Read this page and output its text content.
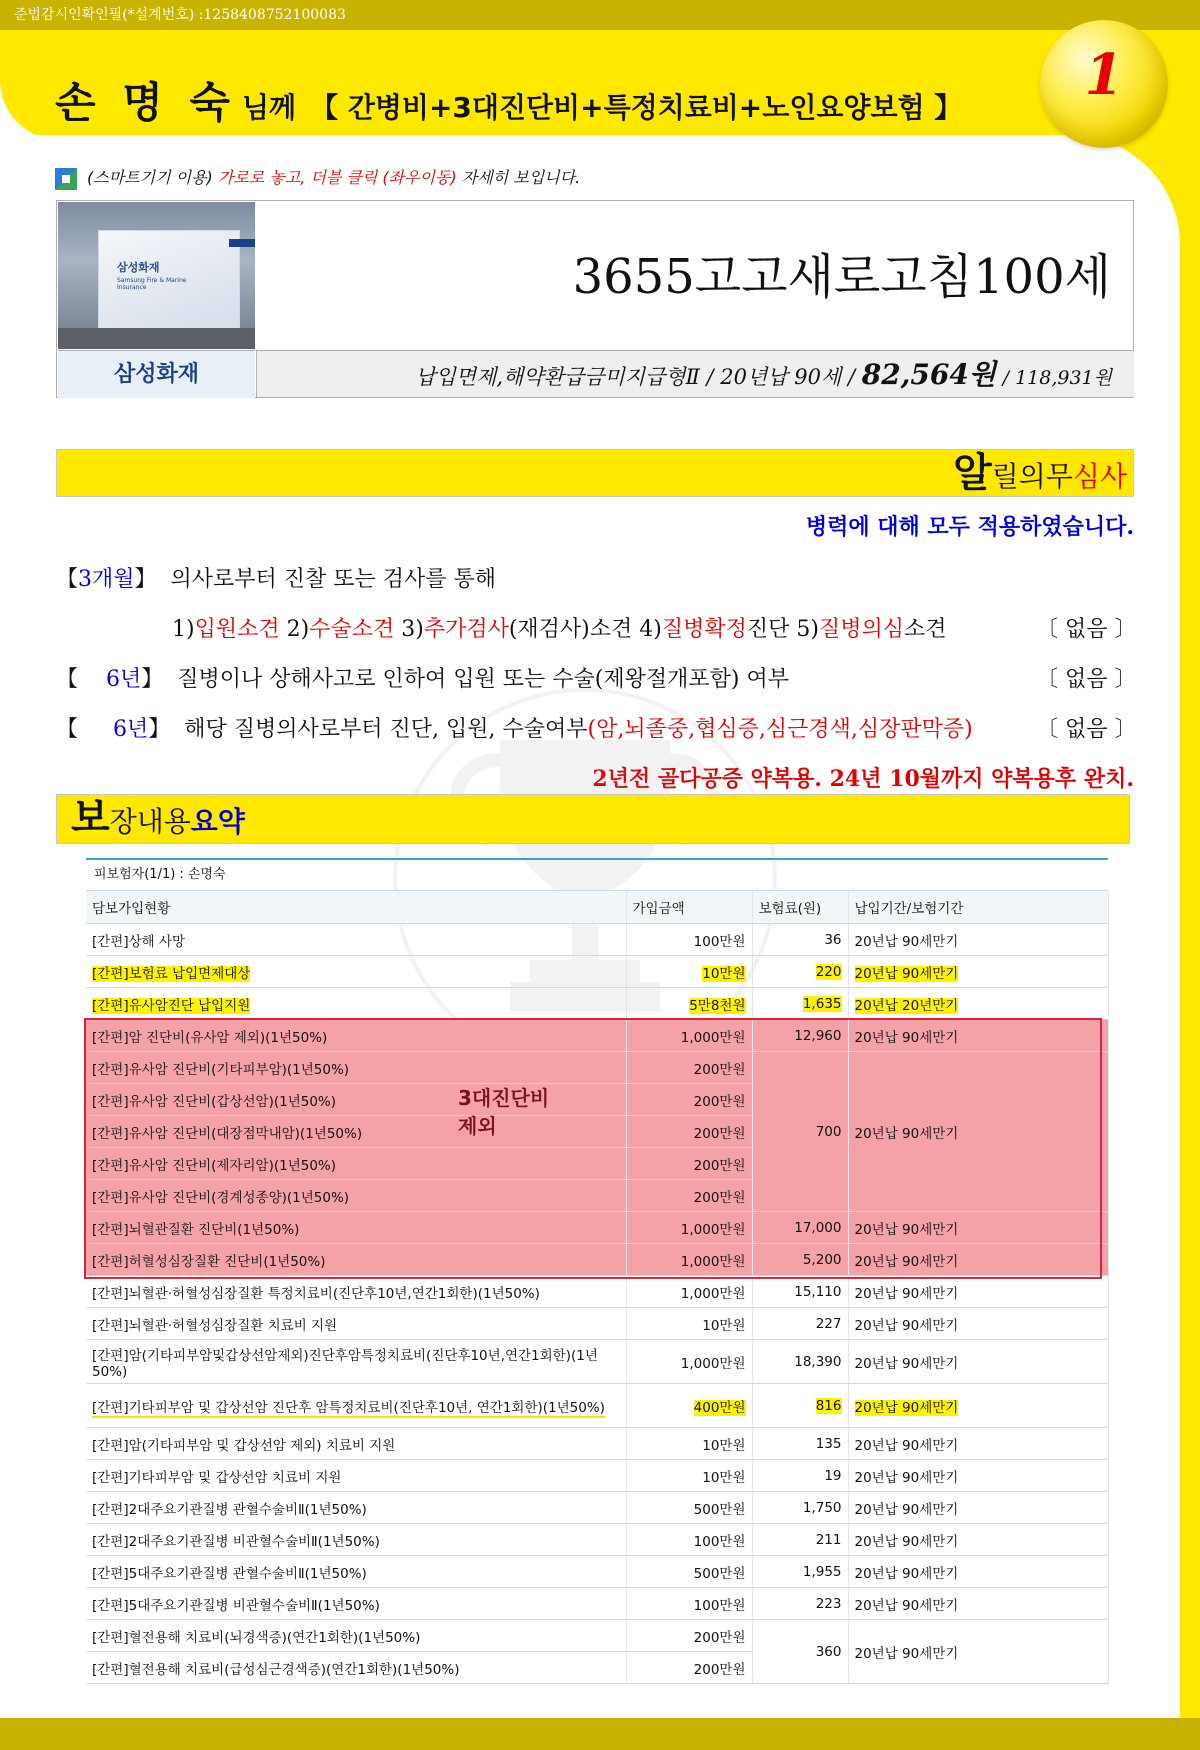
준법감시인확인필(*설계번호) :1258408752100083
1
손 명 숙 님께 【 간병비+3대진단비+특정치료비+노인요양보험 】
(스마트기기 이용) 가로로 놓고, 더블 클릭 (좌우이동) 자세히 보입니다.
삼성화재
Samsung Fire & Marine Insurance	3655고고새로고침100세
삼성화재	납입면제,해약환급금미지급형Ⅱ / 20년납 90세 / 82,564원 / 118,931원
알릴의무심사
병력에 대해 모두 적용하였습니다.
【3개월】 의사로부터 진찰 또는 검사를 통해
1)입원소견 2)수술소견 3)추가검사(재검사)소견 4)질병확정진단 5)질병의심소견	〔 없음 〕
【 6년】 질병이나 상해사고로 인하여 입원 또는 수술(제왕절개포함) 여부	〔 없음 〕
【 6년】 해당 질병의사로부터 진단, 입원, 수술여부(암,뇌졸중,협심증,심근경색,심장판막증)	〔 없음 〕
2년전 골다공증 약복용. 24년 10월까지 약복용후 완치.
보장내용요약
피보험자(1/1) : 손명숙
담보가입현황	가입금액	보험료(원)	납입기간/보험기간
[간편]상해 사망	100만원	36	20년납 90세만기
[간편]보험료 납입면제대상	10만원	220	20년납 90세만기
[간편]유사암진단 납입지원	5만8천원	1,635	20년납 20년만기
[간편]암 진단비(유사암 제외)(1년50%)	1,000만원	12,960	20년납 90세만기
[간편]유사암 진단비(기타피부암)(1년50%)	200만원	700	20년납 90세만기
[간편]유사암 진단비(갑상선암)(1년50%)	200만원		
[간편]유사암 진단비(대장점막내암)(1년50%)	200만원		
[간편]유사암 진단비(제자리암)(1년50%)	200만원		
[간편]유사암 진단비(경계성종양)(1년50%)	200만원		
[간편]뇌혈관질환 진단비(1년50%)	1,000만원	17,000	20년납 90세만기
[간편]허혈성심장질환 진단비(1년50%)	1,000만원	5,200	20년납 90세만기
[간편]뇌혈관·허혈성심장질환 특정치료비(진단후10년,연간1회한)(1년50%)	1,000만원	15,110	20년납 90세만기
[간편]뇌혈관·허혈성심장질환 치료비 지원	10만원	227	20년납 90세만기
[간편]암(기타피부암및갑상선암제외)진단후암특정치료비(진단후10년,연간1회한)(1년50%)	1,000만원	18,390	20년납 90세만기
[간편]기타피부암 및 갑상선암 진단후 암특정치료비(진단후10년, 연간1회한)(1년50%)	400만원	816	20년납 90세만기
[간편]암(기타피부암 및 갑상선암 제외) 치료비 지원	10만원	135	20년납 90세만기
[간편]기타피부암 및 갑상선암 치료비 지원	10만원	19	20년납 90세만기
[간편]2대주요기관질병 관혈수술비Ⅱ(1년50%)	500만원	1,750	20년납 90세만기
[간편]2대주요기관질병 비관혈수술비Ⅱ(1년50%)	100만원	211	20년납 90세만기
[간편]5대주요기관질병 관혈수술비Ⅱ(1년50%)	500만원	1,955	20년납 90세만기
[간편]5대주요기관질병 비관혈수술비Ⅱ(1년50%)	100만원	223	20년납 90세만기
[간편]혈전용해 치료비(뇌경색증)(연간1회한)(1년50%)	200만원	360	20년납 90세만기
[간편]혈전용해 치료비(급성심근경색증)(연간1회한)(1년50%)	200만원		
3대진단비
제외
